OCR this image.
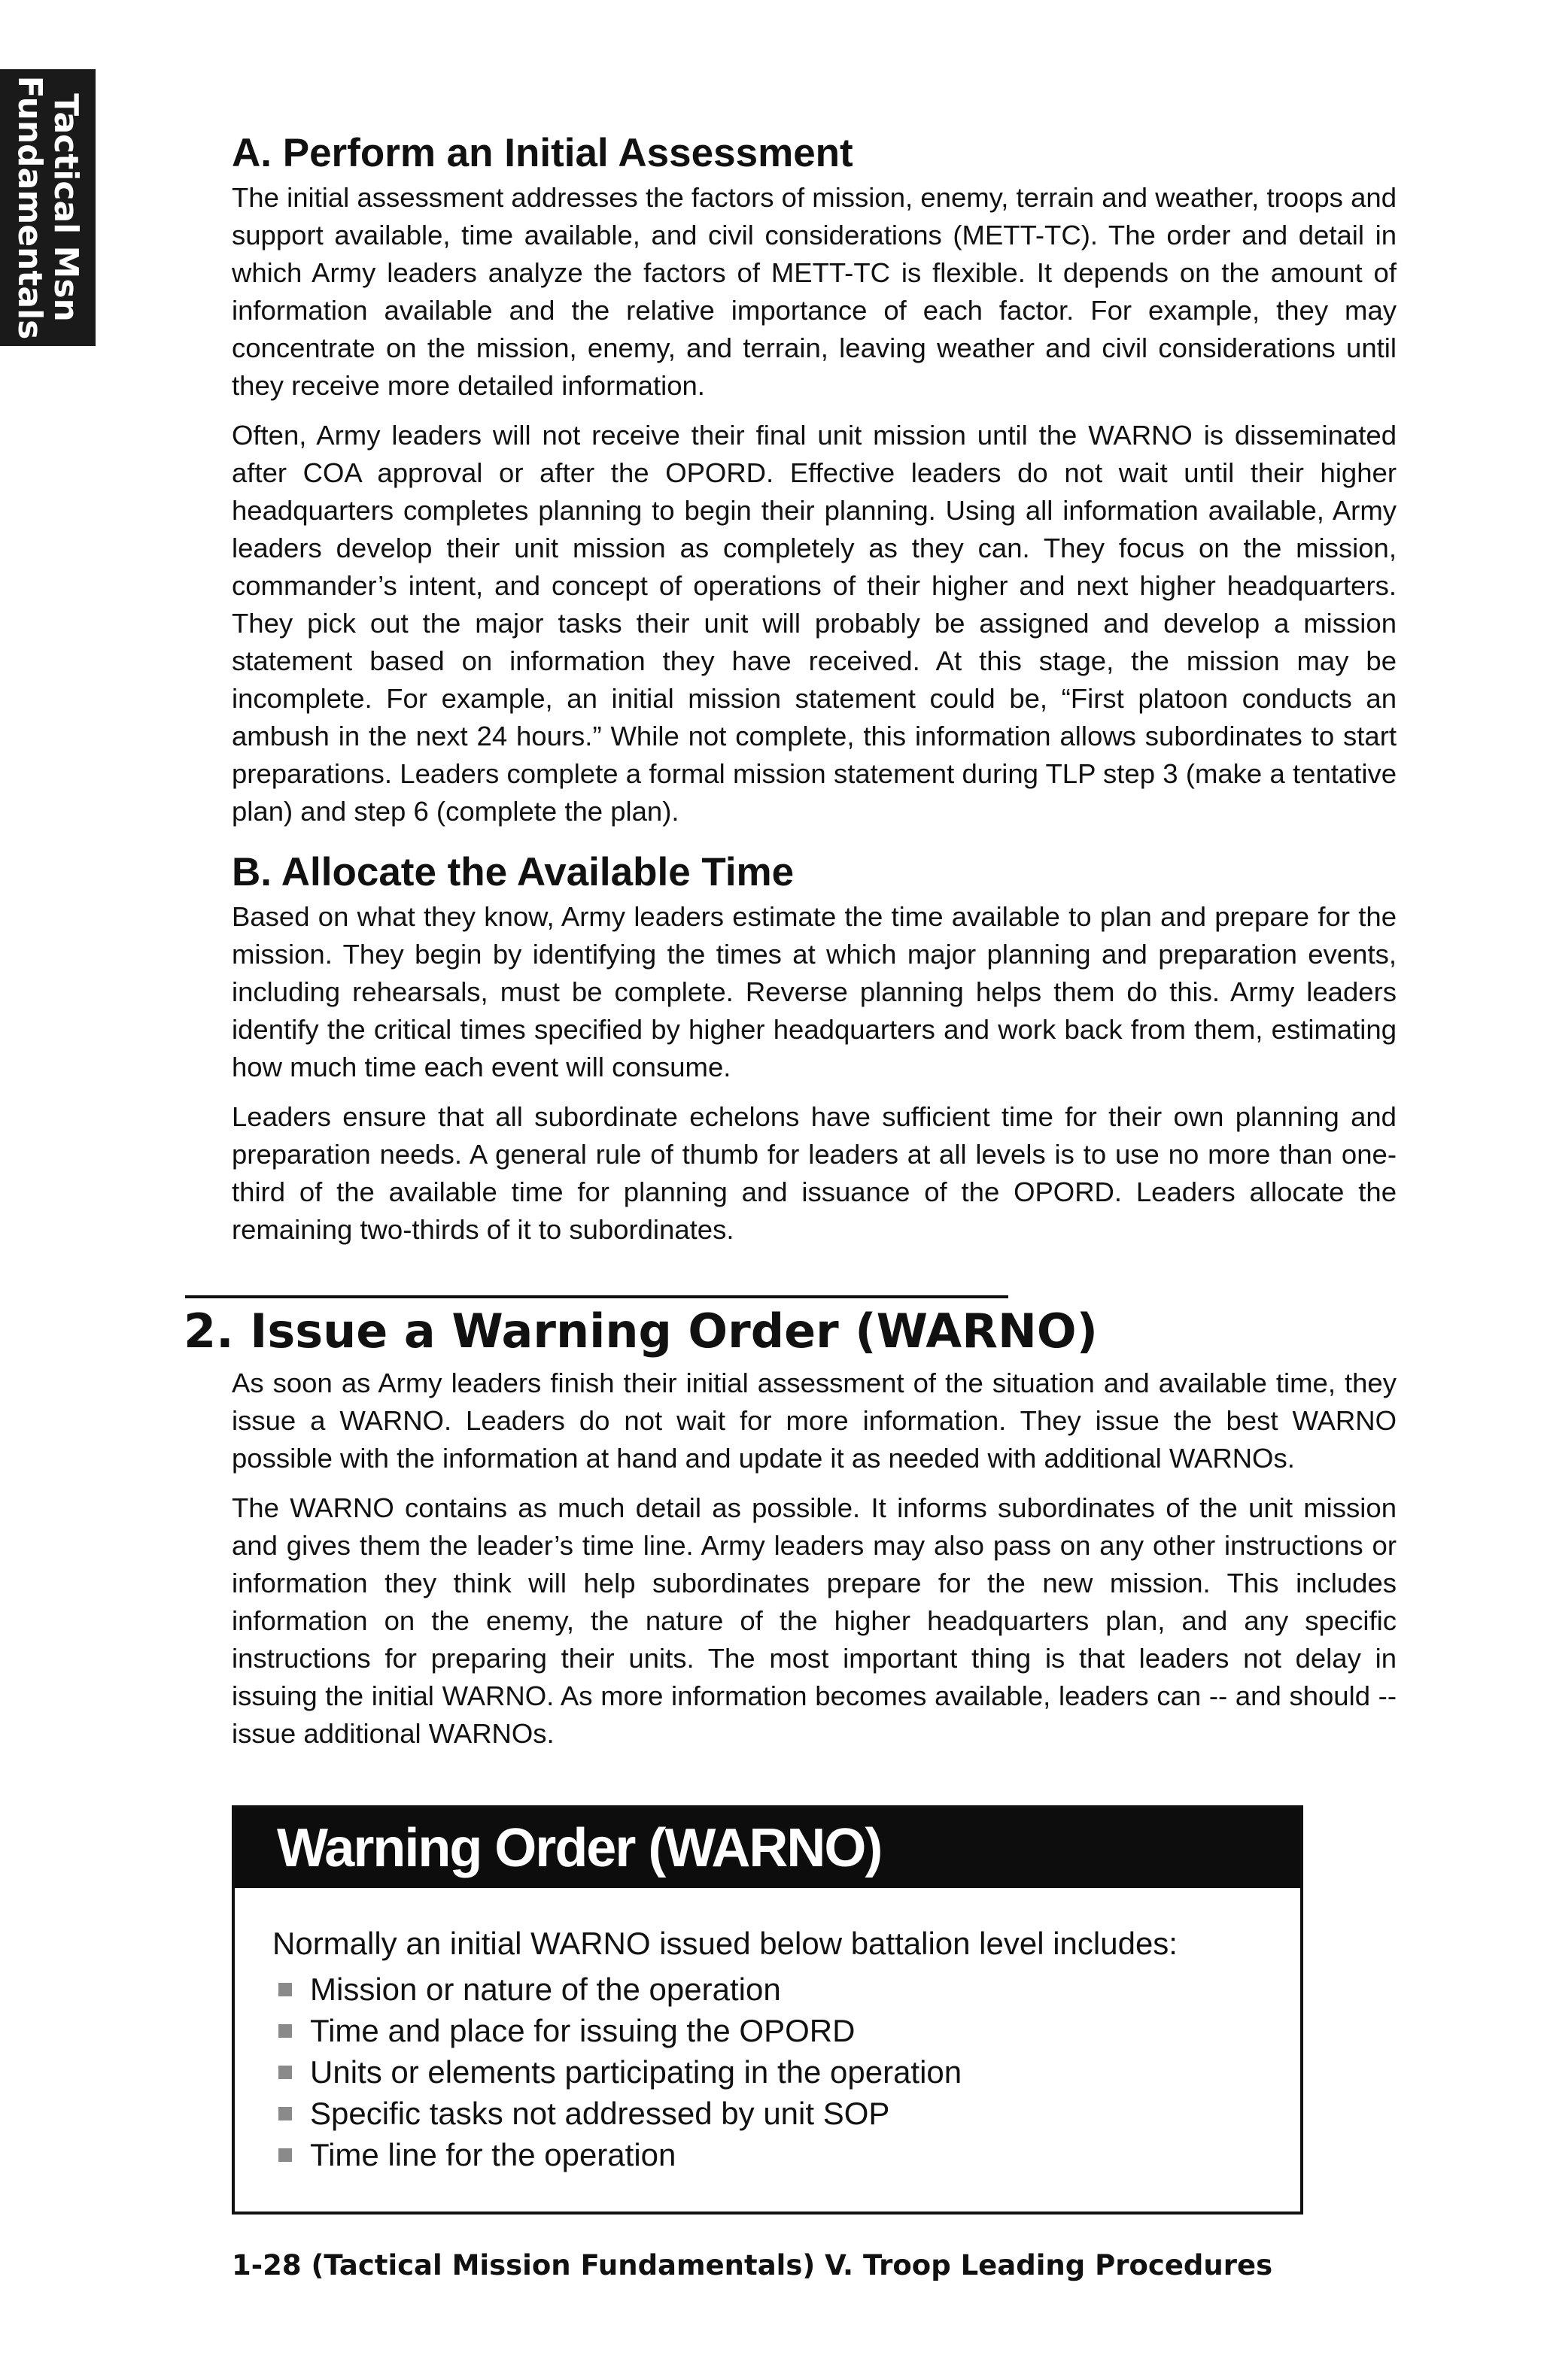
Tactical Msn
Fundamentals	A. Perform an Initial Assessment

The initial assessment addresses the factors of mission, enemy, terrain and weather, troops and support available, time available, and civil considerations (METT-TC). The order and detail in which Army leaders analyze the factors of METT-TC is flexible. It depends on the amount of information available and the relative importance of each factor. For example, they may concentrate on the mission, enemy, and terrain, leaving weather and civil considerations until they receive more detailed information.

Often, Army leaders will not receive their final unit mission until the WARNO is disseminated after COA approval or after the OPORD. Effective leaders do not wait until their higher headquarters completes planning to begin their planning. Using all information available, Army leaders develop their unit mission as completely as they can. They focus on the mission, commander’s intent, and concept of operations of their higher and next higher headquarters. They pick out the major tasks their unit will probably be assigned and develop a mission statement based on information they have received. At this stage, the mission may be incomplete. For example, an initial mission statement could be, “First platoon conducts an ambush in the next 24 hours.” While not complete, this information allows subordinates to start preparations. Leaders complete a formal mission statement during TLP step 3 (make a tentative plan) and step 6 (complete the plan).

B. Allocate the Available Time

Based on what they know, Army leaders estimate the time available to plan and prepare for the mission. They begin by identifying the times at which major planning and preparation events, including rehearsals, must be complete. Reverse planning helps them do this. Army leaders identify the critical times specified by higher headquarters and work back from them, estimating how much time each event will consume.

Leaders ensure that all subordinate echelons have sufficient time for their own planning and preparation needs. A general rule of thumb for leaders at all levels is to use no more than one-third of the available time for planning and issuance of the OPORD. Leaders allocate the remaining two-thirds of it to subordinates.

2. Issue a Warning Order (WARNO)

As soon as Army leaders finish their initial assessment of the situation and available time, they issue a WARNO. Leaders do not wait for more information. They issue the best WARNO possible with the information at hand and update it as needed with additional WARNOs.

The WARNO contains as much detail as possible. It informs subordinates of the unit mission and gives them the leader’s time line. Army leaders may also pass on any other instructions or information they think will help subordinates prepare for the new mission. This includes information on the enemy, the nature of the higher headquarters plan, and any specific instructions for preparing their units. The most important thing is that leaders not delay in issuing the initial WARNO. As more information becomes available, leaders can -- and should -- issue additional WARNOs.

Warning Order (WARNO)

Normally an initial WARNO issued below battalion level includes:

Mission or nature of the operation
Time and place for issuing the OPORD
Units or elements participating in the operation
Specific tasks not addressed by unit SOP
Time line for the operation
1-28 (Tactical Mission Fundamentals) V. Troop Leading Procedures
